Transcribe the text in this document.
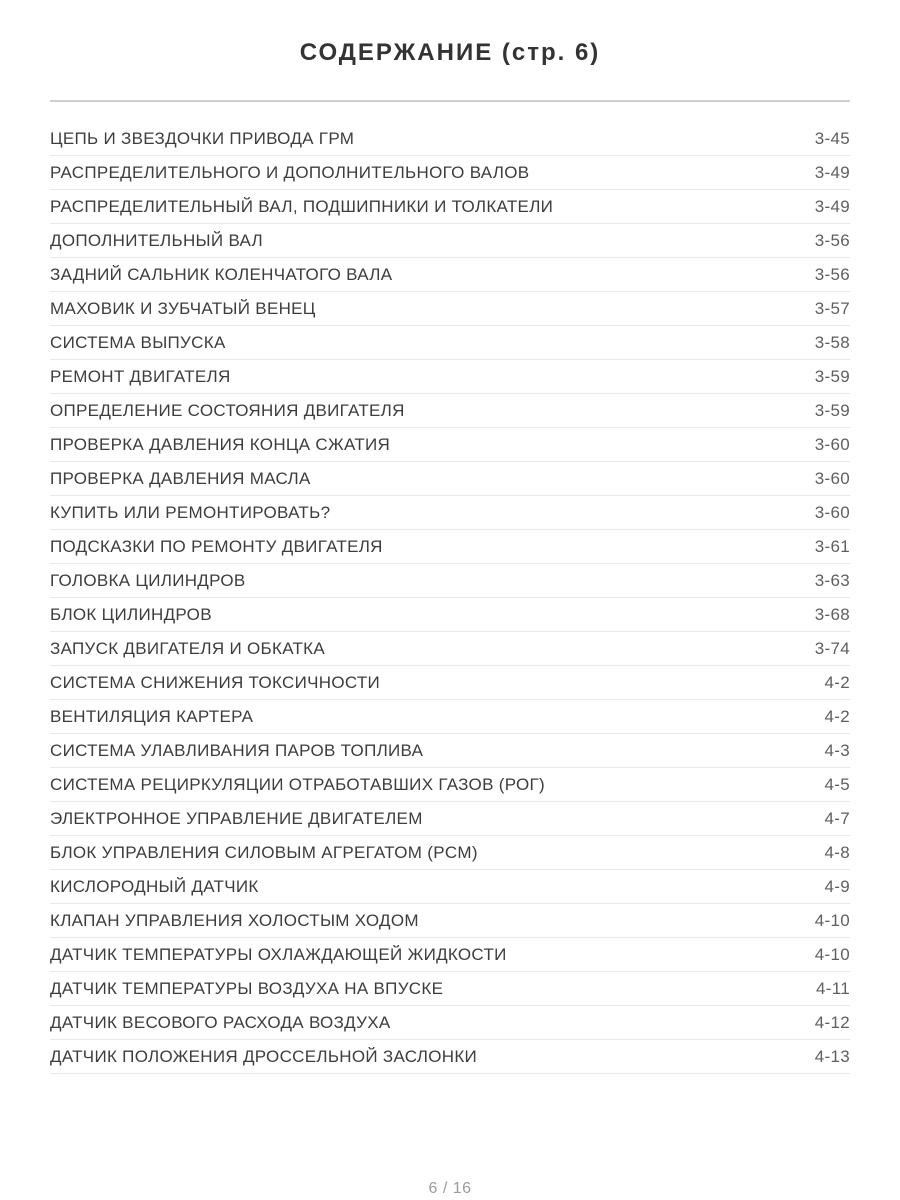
СОДЕРЖАНИЕ (стр. 6)
ЦЕПЬ И ЗВЕЗДОЧКИ ПРИВОДА ГРМ	3-45
РАСПРЕДЕЛИТЕЛЬНОГО И ДОПОЛНИТЕЛЬНОГО ВАЛОВ	3-49
РАСПРЕДЕЛИТЕЛЬНЫЙ ВАЛ, ПОДШИПНИКИ И ТОЛКАТЕЛИ	3-49
ДОПОЛНИТЕЛЬНЫЙ ВАЛ	3-56
ЗАДНИЙ САЛЬНИК КОЛЕНЧАТОГО ВАЛА	3-56
МАХОВИК И ЗУБЧАТЫЙ ВЕНЕЦ	3-57
СИСТЕМА ВЫПУСКА	3-58
РЕМОНТ ДВИГАТЕЛЯ	3-59
ОПРЕДЕЛЕНИЕ СОСТОЯНИЯ ДВИГАТЕЛЯ	3-59
ПРОВЕРКА ДАВЛЕНИЯ КОНЦА СЖАТИЯ	3-60
ПРОВЕРКА ДАВЛЕНИЯ МАСЛА	3-60
КУПИТЬ ИЛИ РЕМОНТИРОВАТЬ?	3-60
ПОДСКАЗКИ ПО РЕМОНТУ ДВИГАТЕЛЯ	3-61
ГОЛОВКА ЦИЛИНДРОВ	3-63
БЛОК ЦИЛИНДРОВ	3-68
ЗАПУСК ДВИГАТЕЛЯ И ОБКАТКА	3-74
СИСТЕМА СНИЖЕНИЯ ТОКСИЧНОСТИ	4-2
ВЕНТИЛЯЦИЯ КАРТЕРА	4-2
СИСТЕМА УЛАВЛИВАНИЯ ПАРОВ ТОПЛИВА	4-3
СИСТЕМА РЕЦИРКУЛЯЦИИ ОТРАБОТАВШИХ ГАЗОВ (РОГ)	4-5
ЭЛЕКТРОННОЕ УПРАВЛЕНИЕ ДВИГАТЕЛЕМ	4-7
БЛОК УПРАВЛЕНИЯ СИЛОВЫМ АГРЕГАТОМ (PCM)	4-8
КИСЛОРОДНЫЙ ДАТЧИК	4-9
КЛАПАН УПРАВЛЕНИЯ ХОЛОСТЫМ ХОДОМ	4-10
ДАТЧИК ТЕМПЕРАТУРЫ ОХЛАЖДАЮЩЕЙ ЖИДКОСТИ	4-10
ДАТЧИК ТЕМПЕРАТУРЫ ВОЗДУХА НА ВПУСКЕ	4-11
ДАТЧИК ВЕСОВОГО РАСХОДА ВОЗДУХА	4-12
ДАТЧИК ПОЛОЖЕНИЯ ДРОССЕЛЬНОЙ ЗАСЛОНКИ	4-13
6 / 16
